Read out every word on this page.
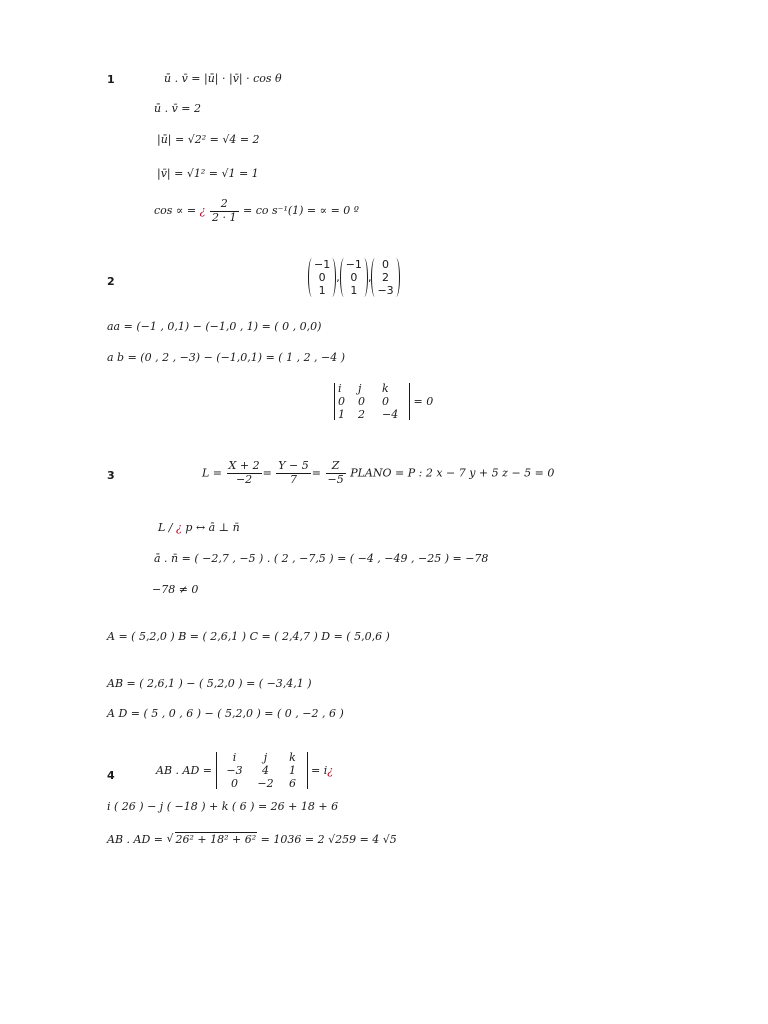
1	ū . v̄ = |ū| · |v̄| · cos θ
ū . v̄ = 2
|ū| = √2² = √4 = 2
|v̄| = √1² = √1 = 1
cos ∝ = ¿ $\frac{2}{2 \cdot 1}$ = co s⁻¹(1) = ∝ = 0 º
2
−1
0
1
,
−1
0
1
,
0
2
−3
aa = (−1 , 0,1) − (−1,0 , 1) = ( 0 , 0,0)
a b = (0 , 2 , −3) − (−1,0,1) = ( 1 , 2 , −4 )
i	j	k
0	0	0
1	2	−4
= 0
3	$L = \frac{X + 2}{-2} = \frac{Y - 5}{7} = \frac{Z}{-5}$ PLANO = P : 2 x − 7 y + 5 z − 5 = 0
L / ¿ p ↔ ā ⊥ n̄
ā . n̄ = ( −2,7 , −5 ) . ( 2 , −7,5 ) = ( −4 , −49 , −25 ) = −78
−78 ≠ 0
A = ( 5,2,0 ) B = ( 2,6,1 ) C = ( 2,4,7 ) D = ( 5,0,6 )
AB = ( 2,6,1 ) − ( 5,2,0 ) = ( −3,4,1 )
A D = ( 5 , 0 , 6 ) − ( 5,2,0 ) = ( 0 , −2 , 6 )
4	AB . AD =
i	j	k
−3	4	1
0	−2	6
= i¿
i ( 26 ) − j ( −18 ) + k ( 6 ) = 26 + 18 + 6
AB . AD = √ 26² + 18² + 6² = 1036 = 2 √259 = 4 √5
